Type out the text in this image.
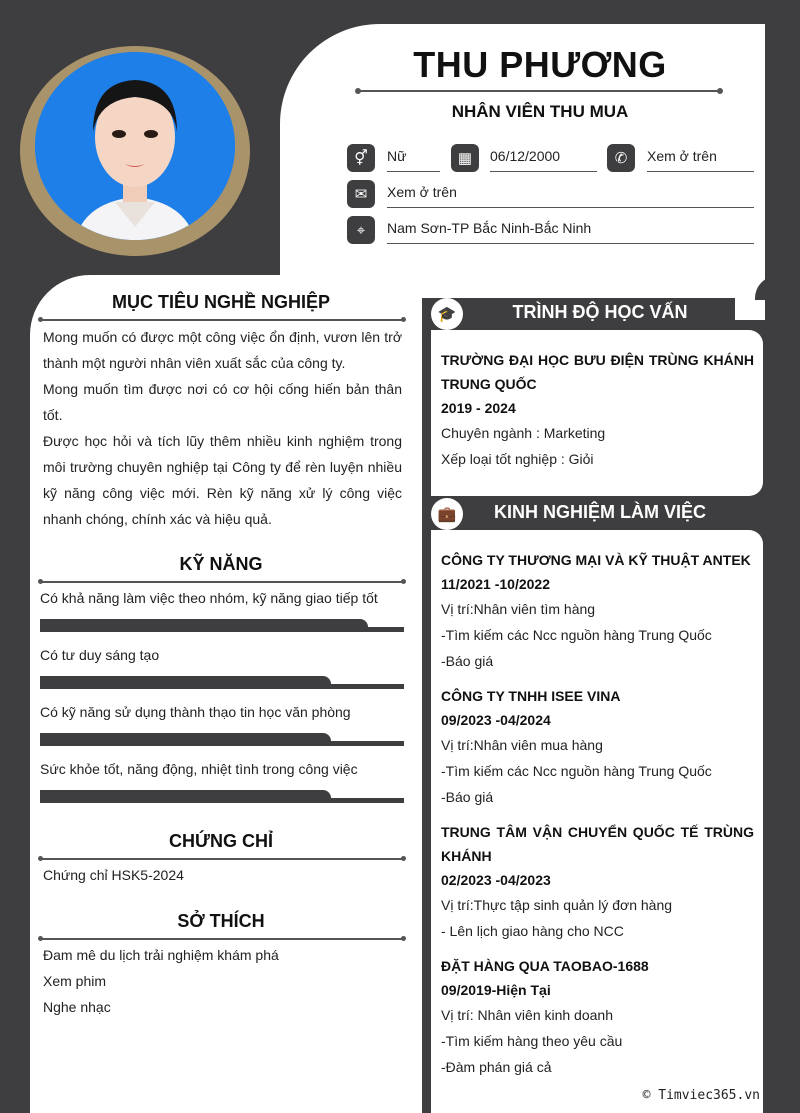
THU PHƯƠNG
NHÂN VIÊN THU MUA
⚥	Nữ	▦	06/12/2000	✆	Xem ở trên
✉	Xem ở trên
⌖	Nam Sơn-TP Bắc Ninh-Bắc Ninh
MỤC TIÊU NGHỀ NGHIỆP

Mong muốn có được một công việc ổn định, vươn lên trở thành một người nhân viên xuất sắc của công ty.

Mong muốn tìm được nơi có cơ hội cống hiến bản thân tốt.

Được học hỏi và tích lũy thêm nhiều kinh nghiệm trong môi trường chuyên nghiệp tại Công ty để rèn luyện nhiều kỹ năng công việc mới. Rèn kỹ năng xử lý công việc nhanh chóng, chính xác và hiệu quả.

KỸ NĂNG
Có khả năng làm việc theo nhóm, kỹ năng giao tiếp tốt
Có tư duy sáng tạo
Có kỹ năng sử dụng thành thạo tin học văn phòng
Sức khỏe tốt, năng động, nhiệt tình trong công việc
CHỨNG CHỈ
Chứng chỉ HSK5-2024
SỞ THÍCH
Đam mê du lịch trải nghiệm khám phá
Xem phim
Nghe nhạc
TRÌNH ĐỘ HỌC VẤN
🎓
TRƯỜNG ĐẠI HỌC BƯU ĐIỆN TRÙNG KHÁNH TRUNG QUỐC
2019 - 2024
Chuyên ngành : Marketing
Xếp loại tốt nghiệp : Giỏi
KINH NGHIỆM LÀM VIỆC
💼
CÔNG TY THƯƠNG MẠI VÀ KỸ THUẬT ANTEK
11/2021 -10/2022
Vị trí:Nhân viên tìm hàng
-Tìm kiếm các Ncc nguồn hàng Trung Quốc
-Báo giá
CÔNG TY TNHH ISEE VINA
09/2023 -04/2024
Vị trí:Nhân viên mua hàng
-Tìm kiếm các Ncc nguồn hàng Trung Quốc
-Báo giá
TRUNG TÂM VẬN CHUYỂN QUỐC TẾ TRÙNG KHÁNH
02/2023 -04/2023
Vị trí:Thực tập sinh quản lý đơn hàng
- Lên lịch giao hàng cho NCC
ĐẶT HÀNG QUA TAOBAO-1688
09/2019-Hiện Tại
Vị trí: Nhân viên kinh doanh
-Tìm kiếm hàng theo yêu cầu
-Đàm phán giá cả
© Timviec365.vn
